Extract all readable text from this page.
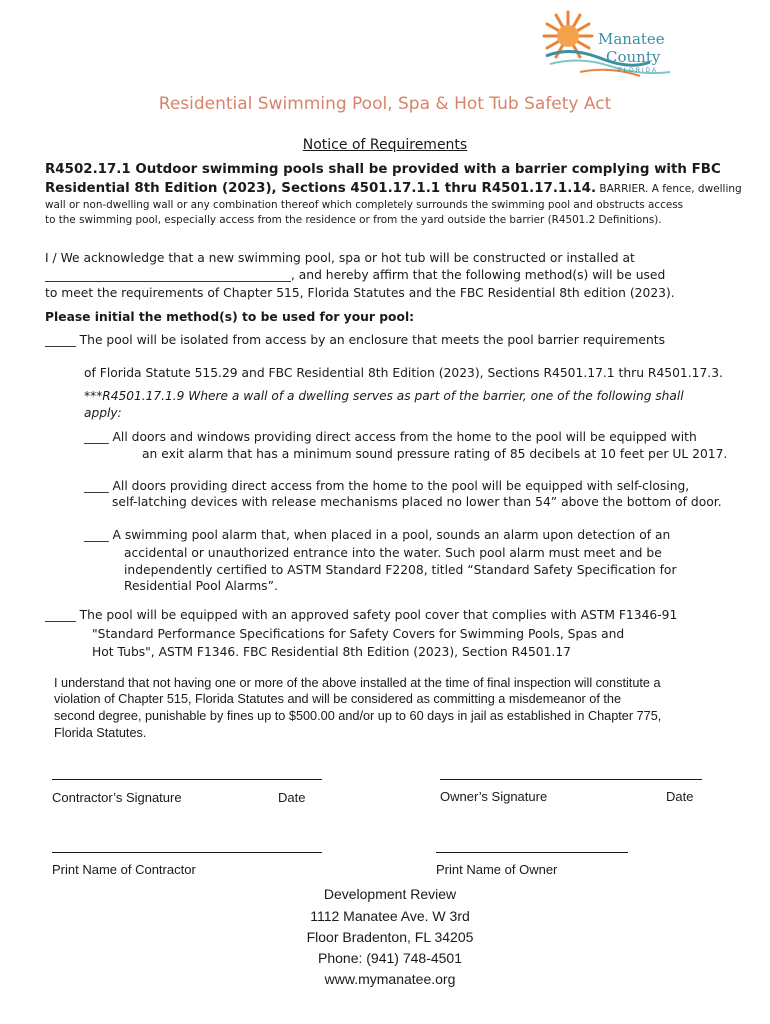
Manatee
County
FLORIDA
Residential Swimming Pool, Spa & Hot Tub Safety Act
Notice of Requirements
R4502.17.1 Outdoor swimming pools shall be provided with a barrier complying with FBC
Residential 8th Edition (2023), Sections 4501.17.1.1 thru R4501.17.1.14. BARRIER. A fence, dwelling
wall or non-dwelling wall or any combination thereof which completely surrounds the swimming pool and obstructs access
to the swimming pool, especially access from the residence or from the yard outside the barrier (R4501.2 Definitions).
I / We acknowledge that a new swimming pool, spa or hot tub will be constructed or installed at
________________________________________, and hereby affirm that the following method(s) will be used
to meet the requirements of Chapter 515, Florida Statutes and the FBC Residential 8th edition (2023).
Please initial the method(s) to be used for your pool:
_____ The pool will be isolated from access by an enclosure that meets the pool barrier requirements
of Florida Statute 515.29 and FBC Residential 8th Edition (2023), Sections R4501.17.1 thru R4501.17.3.
***R4501.17.1.9 Where a wall of a dwelling serves as part of the barrier, one of the following shall
apply:
____ All doors and windows providing direct access from the home to the pool will be equipped with
an exit alarm that has a minimum sound pressure rating of 85 decibels at 10 feet per UL 2017.
____ All doors providing direct access from the home to the pool will be equipped with self-closing,
self-latching devices with release mechanisms placed no lower than 54” above the bottom of door.
____ A swimming pool alarm that, when placed in a pool, sounds an alarm upon detection of an
accidental or unauthorized entrance into the water. Such pool alarm must meet and be
independently certified to ASTM Standard F2208, titled “Standard Safety Specification for
Residential Pool Alarms”.
_____ The pool will be equipped with an approved safety pool cover that complies with ASTM F1346-91
"Standard Performance Specifications for Safety Covers for Swimming Pools, Spas and
Hot Tubs", ASTM F1346. FBC Residential 8th Edition (2023), Section R4501.17
I understand that not having one or more of the above installed at the time of final inspection will constitute a
violation of Chapter 515, Florida Statutes and will be considered as committing a misdemeanor of the
second degree, punishable by fines up to $500.00 and/or up to 60 days in jail as established in Chapter 775,
Florida Statutes.
Contractor’s Signature	Date	Owner’s Signature	Date
Print Name of Contractor	Print Name of Owner
Development Review
1112 Manatee Ave. W 3rd
Floor Bradenton, FL 34205
Phone: (941) 748-4501
www.mymanatee.org
